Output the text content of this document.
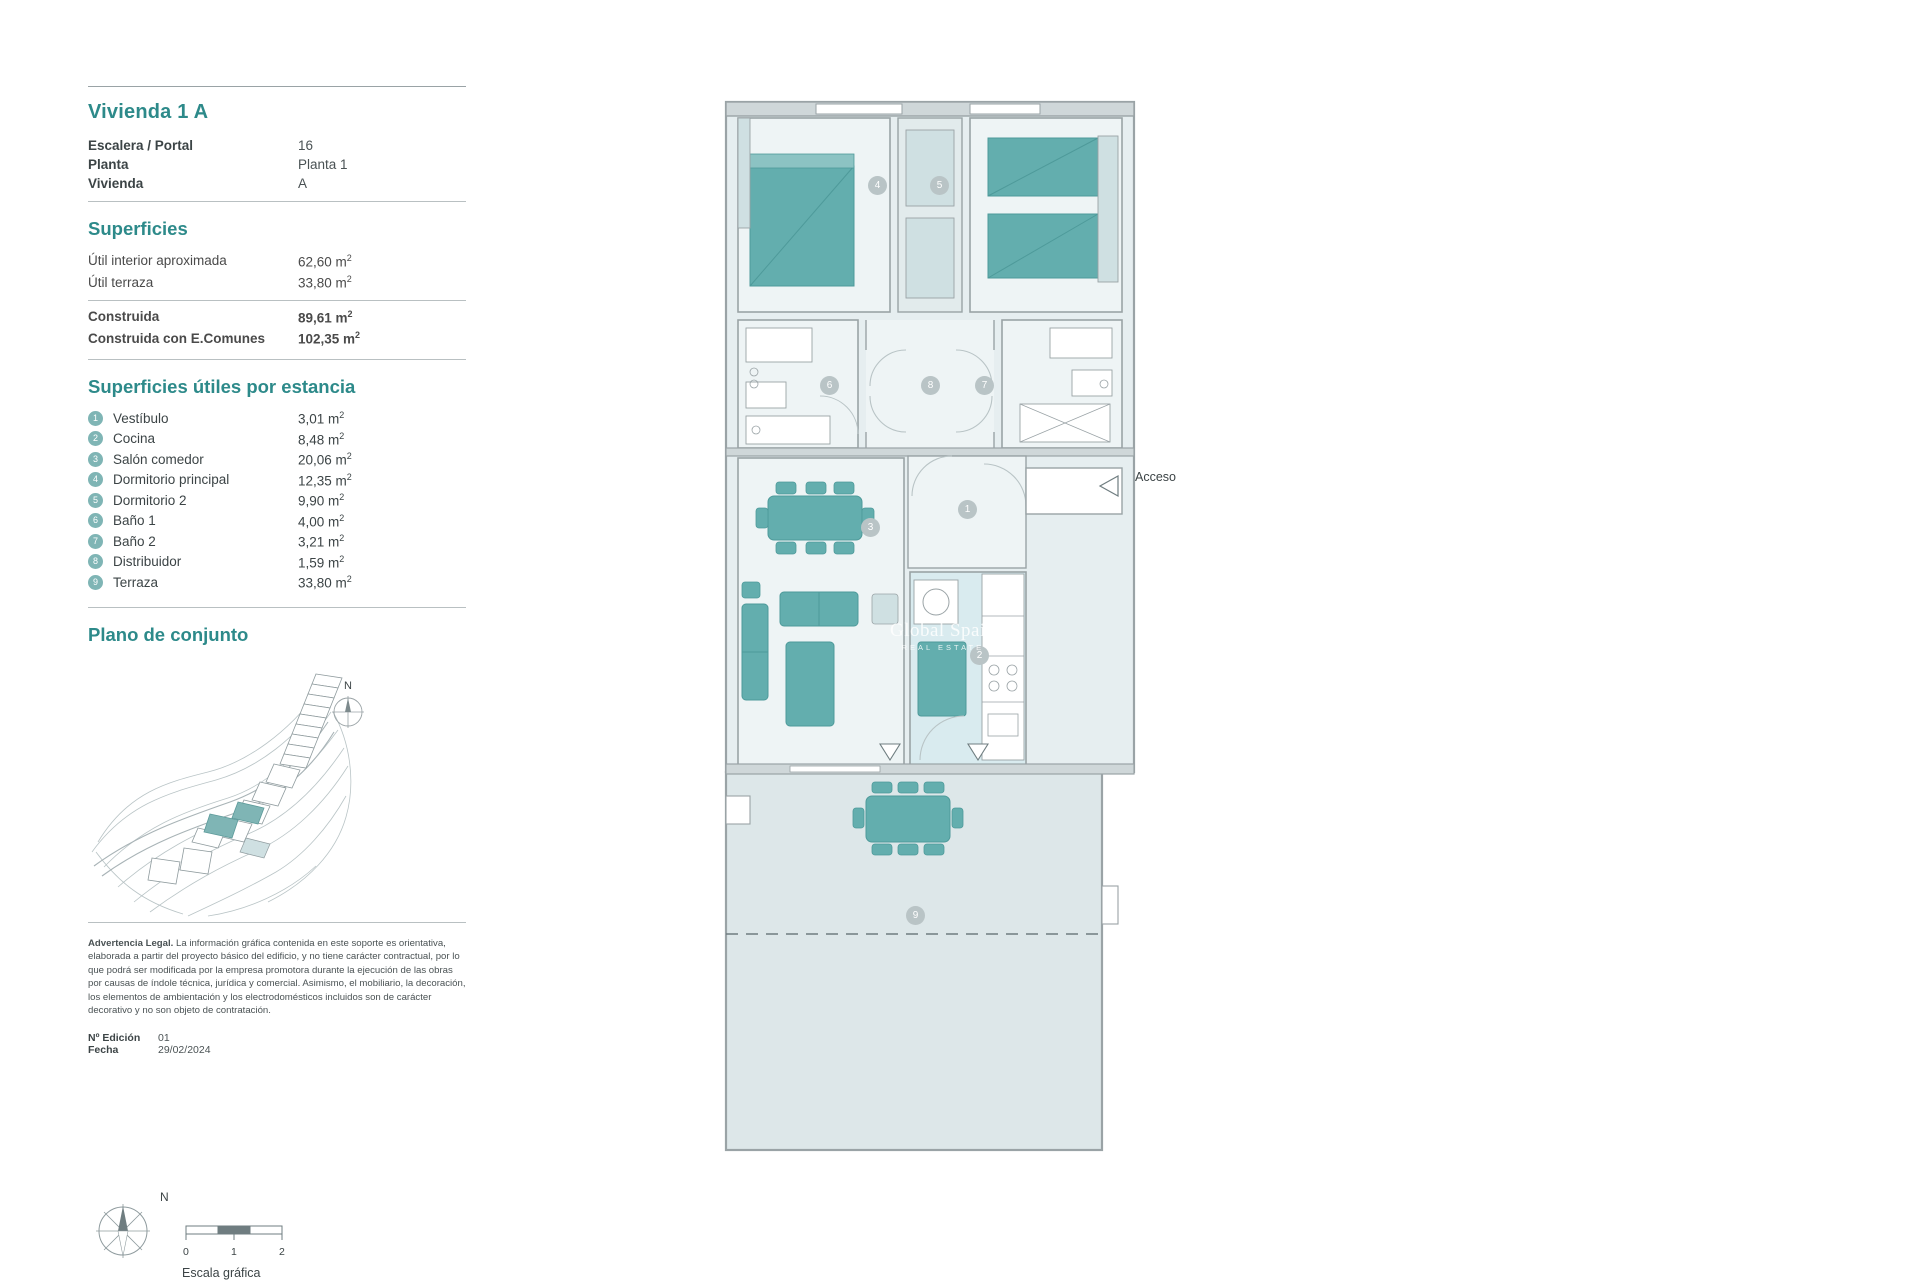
Vivienda 1 A
Escalera / Portal	16
Planta	Planta 1
Vivienda	A
Superficies
Útil interior aproximada	62,60 $m^2$
Útil terraza	33,80 $m^2$

Construida	89,61 $m^2$
Construida con E.Comunes	102,35 $m^2$
Superficies útiles por estancia
1	Vestíbulo	3,01 $m^2$
2	Cocina	8,48 $m^2$
3	Salón comedor	20,06 $m^2$
4	Dormitorio principal	12,35 $m^2$
5	Dormitorio 2	9,90 $m^2$
6	Baño 1	4,00 $m^2$
7	Baño 2	3,21 $m^2$
8	Distribuidor	1,59 $m^2$
9	Terraza	33,80 $m^2$
Plano de conjunto
N

Advertencia Legal. La información gráfica contenida en este soporte es orientativa, elaborada a partir del proyecto básico del edificio, y no tiene carácter contractual, por lo que podrá ser modificada por la empresa promotora durante la ejecución de las obras por causas de índole técnica, jurídica y comercial. Asimismo, el mobiliario, la decoración, los elementos de ambientación y los electrodomésticos incluidos son de carácter decorativo y no son objeto de contratación.

Nº Edición	01
Fecha	29/02/2024
N
0	1	2
Escala gráfica
4	5
6	8	7
1
3
2
9
Acceso
Global Spain
REAL ESTATE
